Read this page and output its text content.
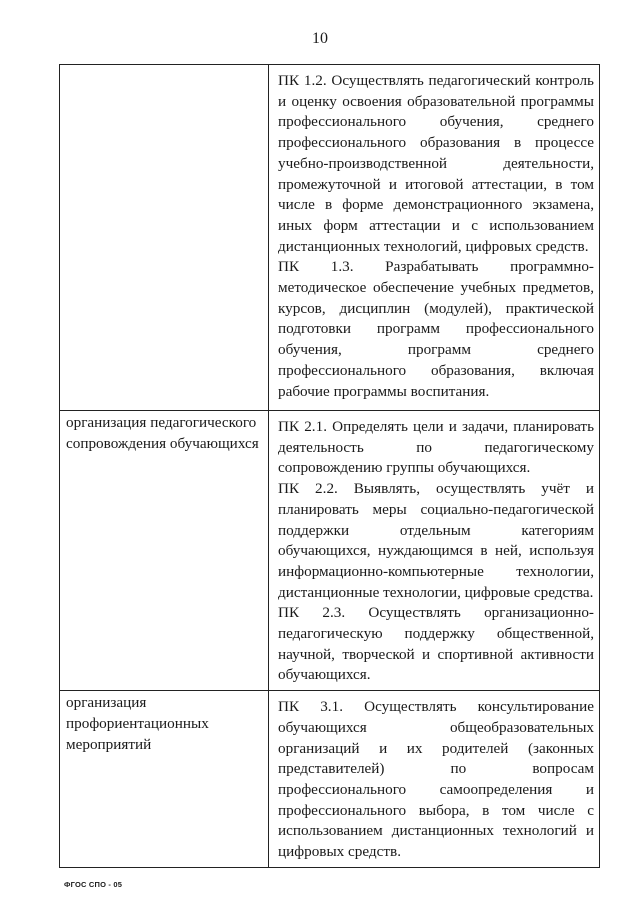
10

	ПК 1.2. Осуществлять педагогический контроль и оценку освоения образовательной программы профессионального обучения, среднего профессионального образования в процессе учебно-производственной деятельности, промежуточной и итоговой аттестации, в том числе в форме демонстрационного экзамена, иных форм аттестации и с использованием дистанционных технологий, цифровых средств.

ПК 1.3. Разрабатывать программно-методическое обеспечение учебных предметов, курсов, дисциплин (модулей), практической подготовки программ профессионального обучения, программ среднего профессионального образования, включая рабочие программы воспитания.

организация педагогического сопровождения обучающихся	ПК 2.1. Определять цели и задачи, планировать деятельность по педагогическому сопровождению группы обучающихся.

ПК 2.2. Выявлять, осуществлять учёт и планировать меры социально-педагогической поддержки отдельным категориям обучающихся, нуждающимся в ней, используя информационно-компьютерные технологии, дистанционные технологии, цифровые средства.

ПК 2.3. Осуществлять организационно-педагогическую поддержку общественной, научной, творческой и спортивной активности обучающихся.

организация профориентационных мероприятий	ПК 3.1. Осуществлять консультирование обучающихся общеобразовательных организаций и их родителей (законных представителей) по вопросам профессионального самоопределения и профессионального выбора, в том числе с использованием дистанционных технологий и цифровых средств.

ФГОС СПО - 05
